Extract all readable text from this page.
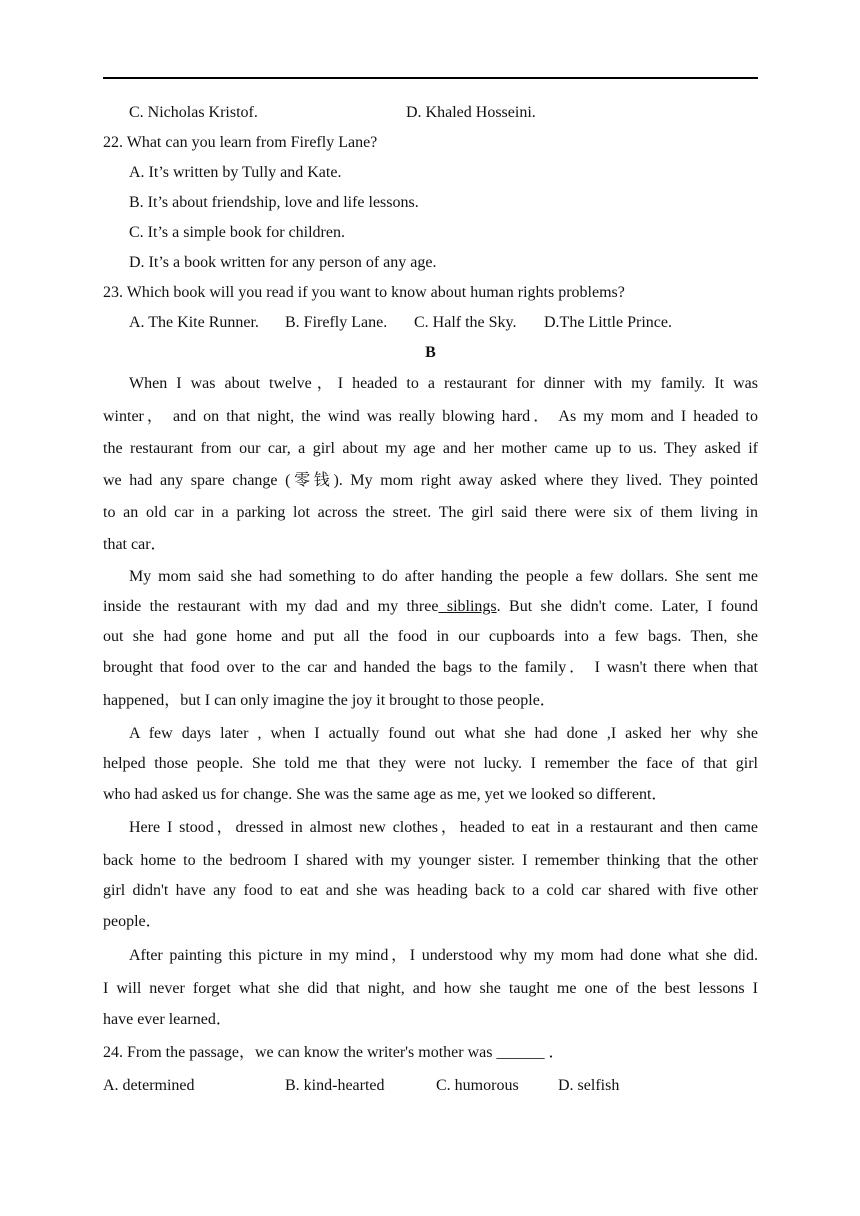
C. Nicholas Kristof.	D. Khaled Hosseini.
22. What can you learn from Firefly Lane?
A. It’s written by Tully and Kate.
B. It’s about friendship, love and life lessons.
C. It’s a simple book for children.
D. It’s a book written for any person of any age.
23. Which book will you read if you want to know about human rights problems?
A. The Kite Runner. B. Firefly Lane. C. Half the Sky. D.The Little Prince.
B
When I was about twelve，I headed to a restaurant for dinner with my family. It was
winter， and on that night, the wind was really blowing hard． As my mom and I headed to
the restaurant from our car, a girl about my age and her mother came up to us. They asked if
we had any spare change (零钱). My mom right away asked where they lived. They pointed
to an old car in a parking lot across the street. The girl said there were six of them living in
that car．
My mom said she had something to do after handing the people a few dollars. She sent me
inside the restaurant with my dad and my three siblings. But she didn't come. Later, I found
out she had gone home and put all the food in our cupboards into a few bags. Then, she
brought that food over to the car and handed the bags to the family． I wasn't there when that
happened，but I can only imagine the joy it brought to those people．
A few days later , when I actually found out what she had done ,I asked her why she
helped those people. She told me that they were not lucky. I remember the face of that girl
who had asked us for change. She was the same age as me, yet we looked so different．
Here I stood，dressed in almost new clothes，headed to eat in a restaurant and then came
back home to the bedroom I shared with my younger sister. I remember thinking that the other
girl didn't have any food to eat and she was heading back to a cold car shared with five other
people．
After painting this picture in my mind，I understood why my mom had done what she did.
I will never forget what she did that night, and how she taught me one of the best lessons I
have ever learned．
24. From the passage，we can know the writer's mother was ______ ．
A. determined	B. kind-hearted	C. humorous D. selfish
